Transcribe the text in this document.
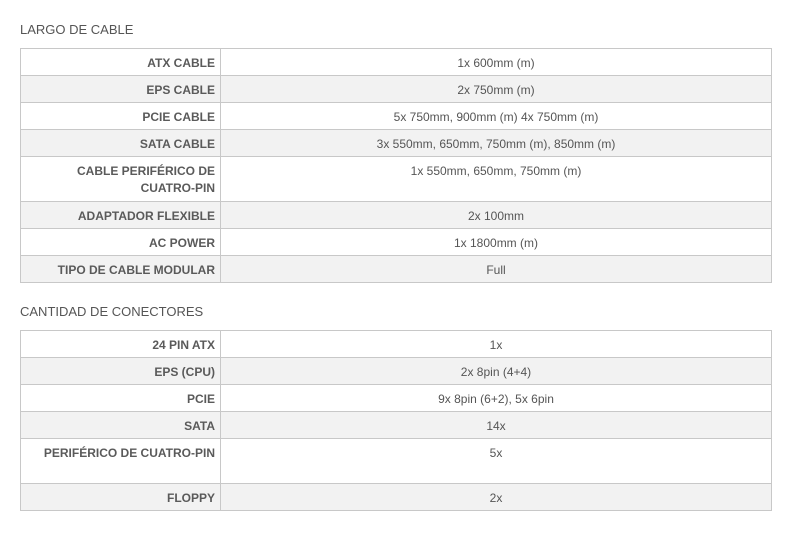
LARGO DE CABLE
ATX CABLE	1x 600mm (m)
EPS CABLE	2x 750mm (m)
PCIE CABLE	5x 750mm, 900mm (m) 4x 750mm (m)
SATA CABLE	3x 550mm, 650mm, 750mm (m), 850mm (m)
CABLE PERIFÉRICO DE CUATRO-PIN	1x 550mm, 650mm, 750mm (m)
ADAPTADOR FLEXIBLE	2x 100mm
AC POWER	1x 1800mm (m)
TIPO DE CABLE MODULAR	Full
CANTIDAD DE CONECTORES
24 PIN ATX	1x
EPS (CPU)	2x 8pin (4+4)
PCIE	9x 8pin (6+2), 5x 6pin
SATA	14x
PERIFÉRICO DE CUATRO-PIN	5x
FLOPPY	2x
